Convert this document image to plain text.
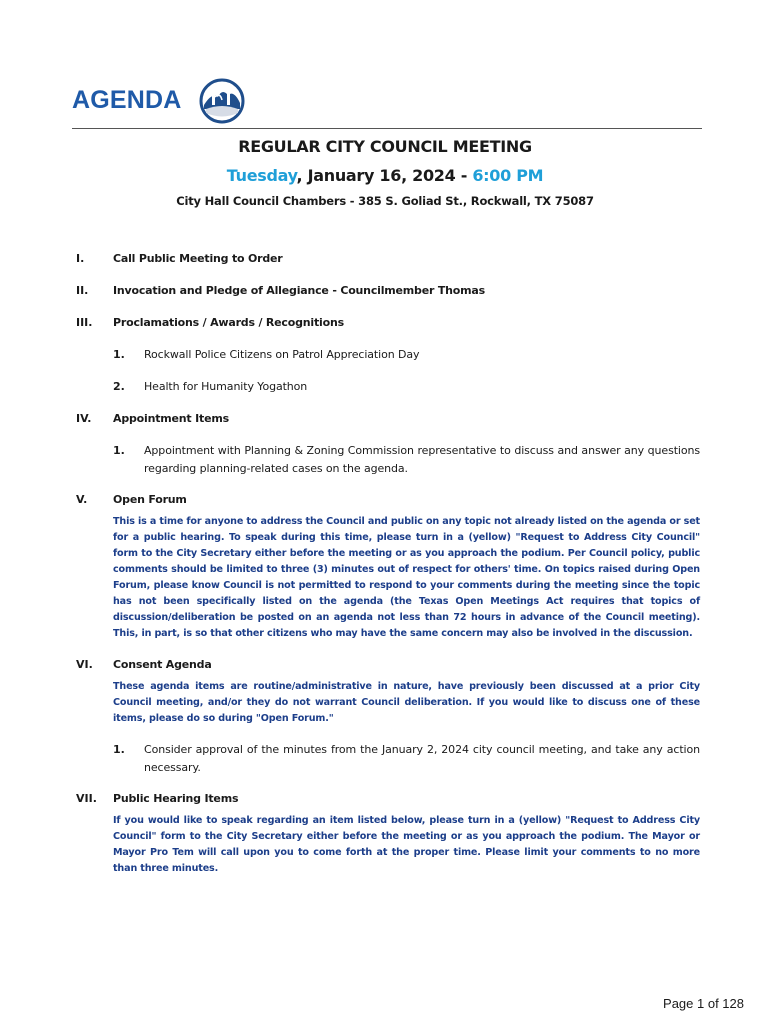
AGENDA
REGULAR CITY COUNCIL MEETING
Tuesday, January 16, 2024 - 6:00 PM
City Hall Council Chambers - 385 S. Goliad St., Rockwall, TX 75087
I.	Call Public Meeting to Order
II. Invocation and Pledge of Allegiance - Councilmember Thomas
III. Proclamations / Awards / Recognitions
1. Rockwall Police Citizens on Patrol Appreciation Day
2. Health for Humanity Yogathon
IV. Appointment Items
1. Appointment with Planning & Zoning Commission representative to discuss and answer any questions regarding planning-related cases on the agenda.
V. Open Forum
This is a time for anyone to address the Council and public on any topic not already listed on the agenda or set for a public hearing. To speak during this time, please turn in a (yellow) "Request to Address City Council" form to the City Secretary either before the meeting or as you approach the podium. Per Council policy, public comments should be limited to three (3) minutes out of respect for others' time. On topics raised during Open Forum, please know Council is not permitted to respond to your comments during the meeting since the topic has not been specifically listed on the agenda (the Texas Open Meetings Act requires that topics of discussion/deliberation be posted on an agenda not less than 72 hours in advance of the Council meeting). This, in part, is so that other citizens who may have the same concern may also be involved in the discussion.
VI. Consent Agenda
These agenda items are routine/administrative in nature, have previously been discussed at a prior City Council meeting, and/or they do not warrant Council deliberation. If you would like to discuss one of these items, please do so during "Open Forum."
1. Consider approval of the minutes from the January 2, 2024 city council meeting, and take any action necessary.
VII. Public Hearing Items
If you would like to speak regarding an item listed below, please turn in a (yellow) "Request to Address City Council" form to the City Secretary either before the meeting or as you approach the podium. The Mayor or Mayor Pro Tem will call upon you to come forth at the proper time. Please limit your comments to no more than three minutes.
Page 1 of 128
